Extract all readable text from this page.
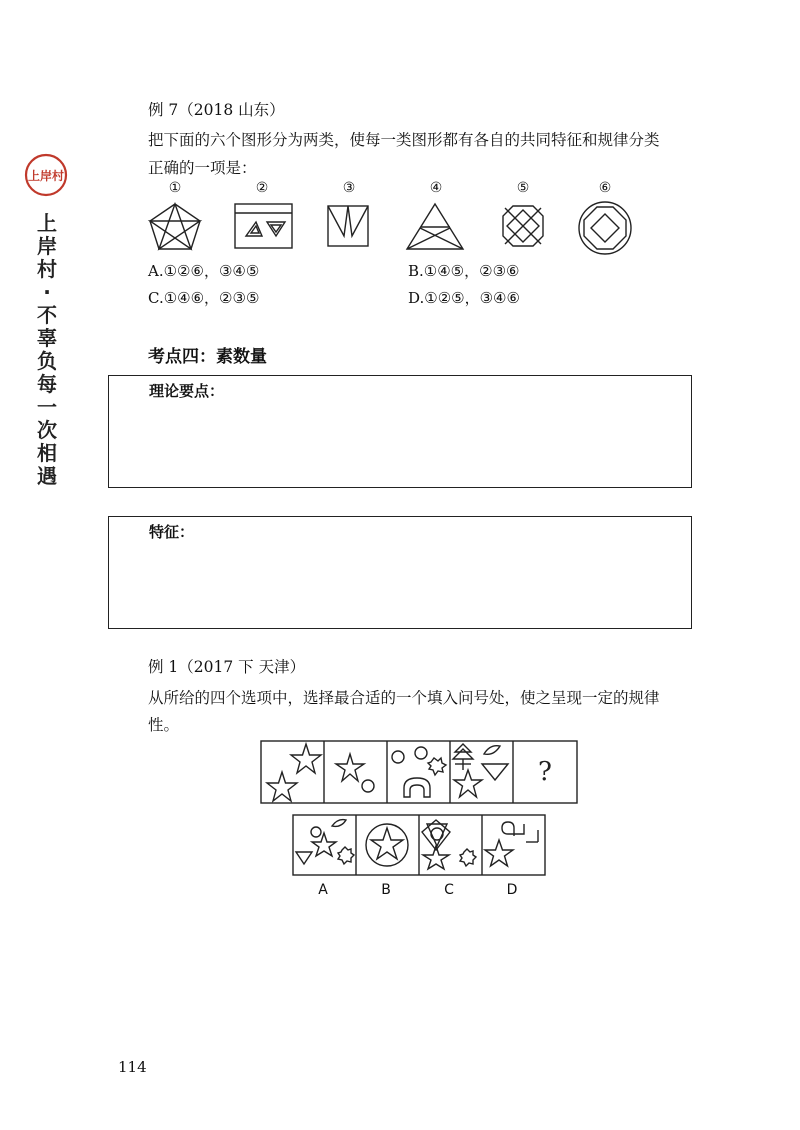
上岸村
上
岸
村
·
不
辜
负
每
一
次
相
遇
例 7（2018 山东）
把下面的六个图形分为两类，使每一类图形都有各自的共同特征和规律分类
正确的一项是：
①	②	③	④	⑤	⑥
A.①②⑥，③④⑤	B.①④⑤，②③⑥
C.①④⑥，②③⑤	D.①②⑤，③④⑥
考点四：素数量
理论要点：
特征：
例 1（2017 下 天津）
从所给的四个选项中，选择最合适的一个填入问号处，使之呈现一定的规律
性。
?
A	B	C	D
114
